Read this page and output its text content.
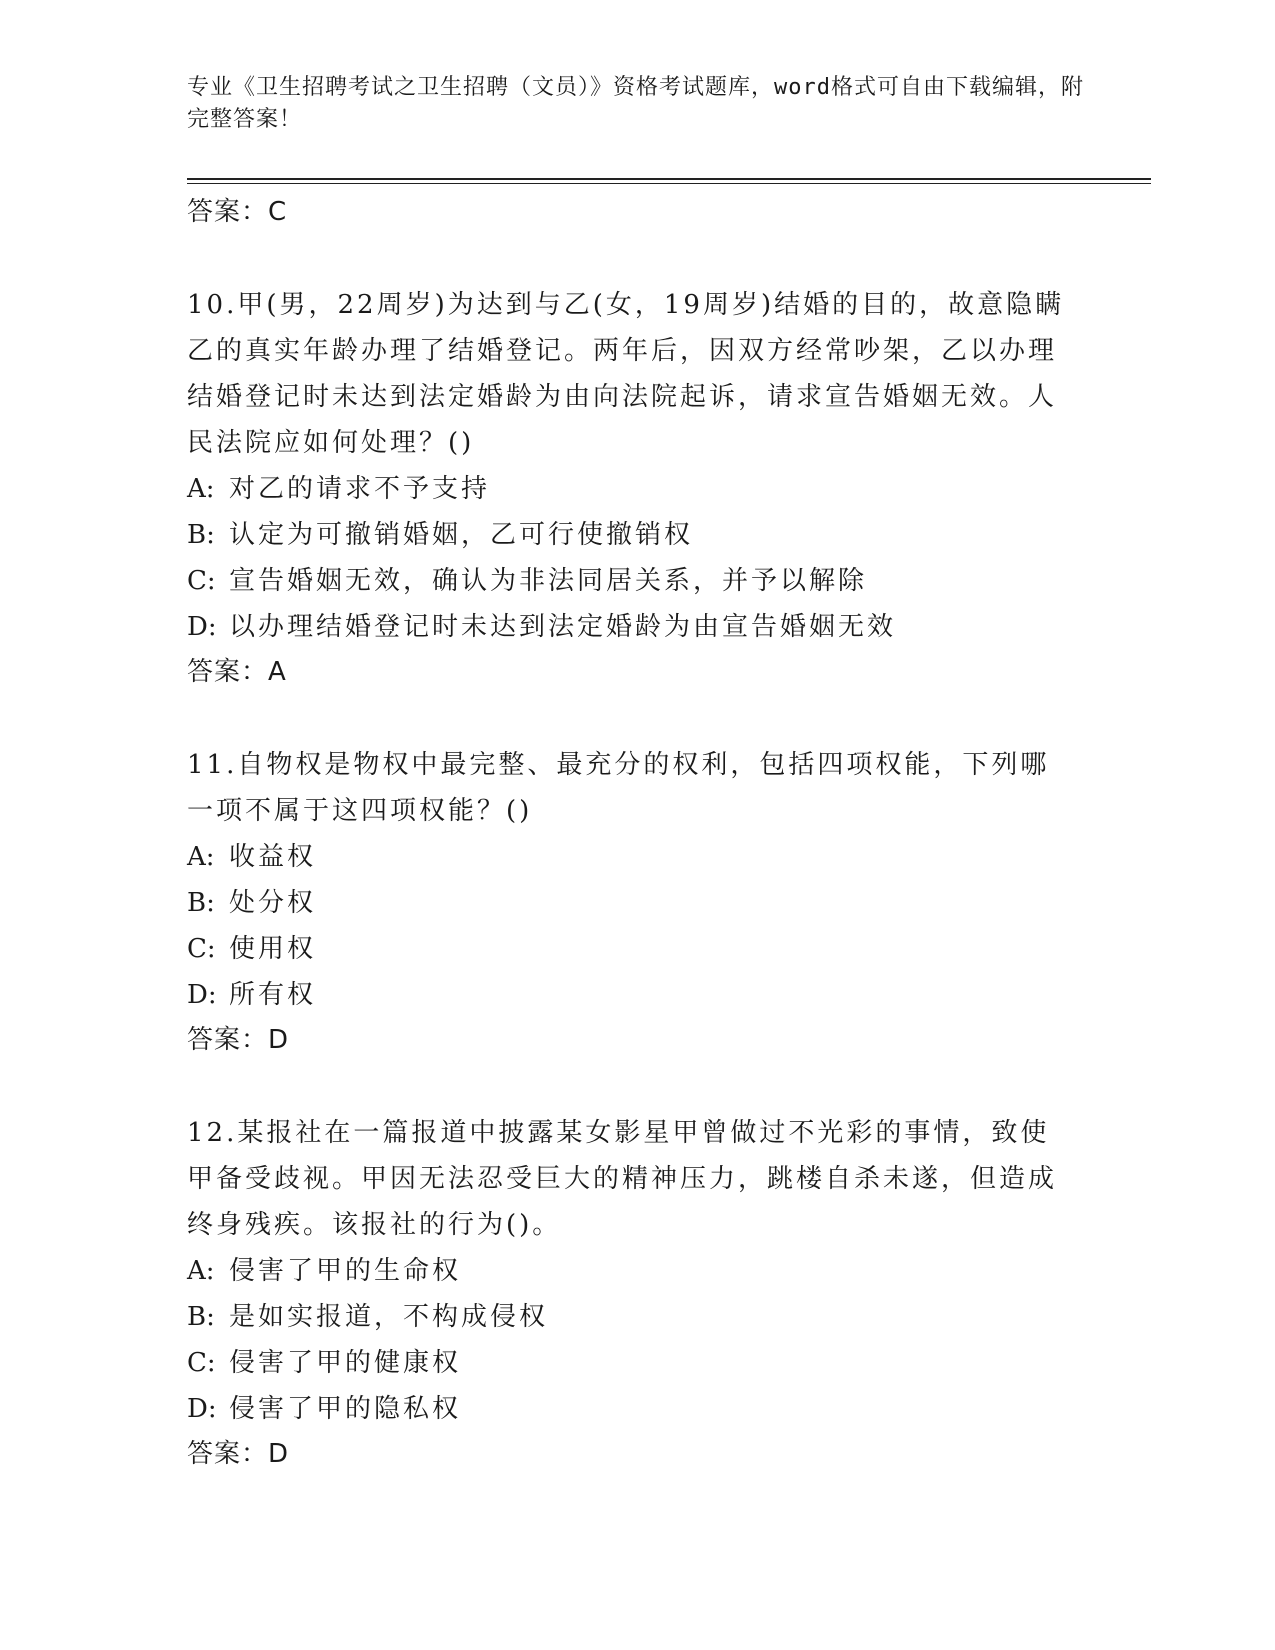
专业《卫生招聘考试之卫生招聘（文员）》资格考试题库，word格式可自由下载编辑，附完整答案！
答案：C
10.甲(男，22周岁)为达到与乙(女，19周岁)结婚的目的，故意隐瞒乙的真实年龄办理了结婚登记。两年后，因双方经常吵架，乙以办理结婚登记时未达到法定婚龄为由向法院起诉，请求宣告婚姻无效。人民法院应如何处理？()
A: 对乙的请求不予支持
B: 认定为可撤销婚姻，乙可行使撤销权
C: 宣告婚姻无效，确认为非法同居关系，并予以解除
D: 以办理结婚登记时未达到法定婚龄为由宣告婚姻无效
答案：A
11.自物权是物权中最完整、最充分的权利，包括四项权能，下列哪一项不属于这四项权能？()
A: 收益权
B: 处分权
C: 使用权
D: 所有权
答案：D
12.某报社在一篇报道中披露某女影星甲曾做过不光彩的事情，致使甲备受歧视。甲因无法忍受巨大的精神压力，跳楼自杀未遂，但造成终身残疾。该报社的行为()。
A: 侵害了甲的生命权
B: 是如实报道，不构成侵权
C: 侵害了甲的健康权
D: 侵害了甲的隐私权
答案：D
